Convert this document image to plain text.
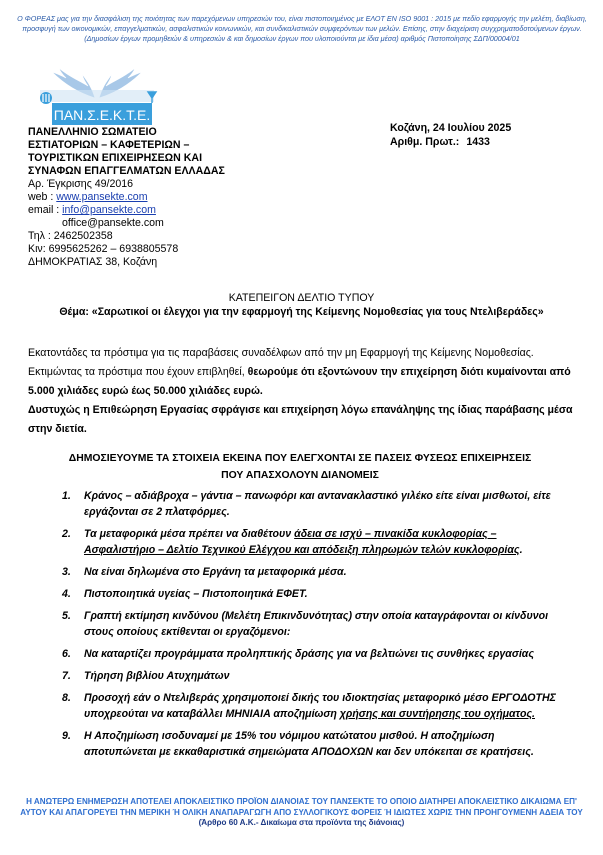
Ο ΦΟΡΕΑΣ μας για την διασφάλιση της ποιότητας των παρεχόμενων υπηρεσιών του, είναι πιστοποιημένος με ΕΛΟΤ ΕΝ ISO 9001 : 2015 με πεδίο εφαρμογής την μελέτη, διαβίωση, προσφυγή των οικονομικών, επαγγελματικών, ασφαλιστικών κοινωνικών, και συνδικαλιστικών συμφερόντων των μελών. Επίσης, στην διαχείριση συγχρηματοδοτούμενων έργων. (Δημοσίων έργων προμηθειών & υπηρεσιών & και δημοσίων έργων που υλοποιούνται με ίδια μέσα) αριθμός Πιστοποίησης ΣΔΠ/00004/01
ΠΑΝ.Σ.Ε.Κ.Τ.Ε.
ΠΑΝΕΛΛΗΝΙΟ ΣΩΜΑΤΕΙΟ
ΕΣΤΙΑΤΟΡΙΩΝ – ΚΑΦΕΤΕΡΙΩΝ –
ΤΟΥΡΙΣΤΙΚΩΝ ΕΠΙΧΕΙΡΗΣΕΩΝ ΚΑΙ
ΣΥΝΑΦΩΝ ΕΠΑΓΓΕΛΜΑΤΩΝ ΕΛΛΑΔΑΣ
Αρ. Έγκρισης 49/2016
web : www.pansekte.com
email : info@pansekte.com
office@pansekte.com
Τηλ : 2462502358
Κιν: 6995625262 – 6938805578
ΔΗΜΟΚΡΑΤΙΑΣ 38, Κοζάνη
Κοζάνη, 24 Ιουλίου 2025
Αριθμ. Πρωτ.: 1433
ΚΑΤΕΠΕΙΓΟΝ ΔΕΛΤΙΟ ΤΥΠΟΥ
Θέμα: «Σαρωτικοί οι έλεγχοι για την εφαρμογή της Κείμενης Νομοθεσίας για τους Ντελιβεράδες»
Εκατοντάδες τα πρόστιμα για τις παραβάσεις συναδέλφων από την μη Εφαρμογή της Κείμενης Νομοθεσίας.
Εκτιμώντας τα πρόστιμα που έχουν επιβληθεί, θεωρούμε ότι εξοντώνουν την επιχείρηση διότι κυμαίνονται από 5.000 χιλιάδες ευρώ έως 50.000 χιλιάδες ευρώ.
Δυστυχώς η Επιθεώρηση Εργασίας σφράγισε και επιχείρηση λόγω επανάληψης της ίδιας παράβασης μέσα στην διετία.
ΔΗΜΟΣΙΕΥΟΥΜΕ ΤΑ ΣΤΟΙΧΕΙΑ ΕΚΕΙΝΑ ΠΟΥ ΕΛΕΓΧΟΝΤΑΙ ΣΕ ΠΑΣΕΙΣ ΦΥΣΕΩΣ ΕΠΙΧΕΙΡΗΣΕΙΣ
ΠΟΥ ΑΠΑΣΧΟΛΟΥΝ ΔΙΑΝΟΜΕΙΣ
1. Κράνος – αδιάβροχα – γάντια – πανωφόρι και αντανακλαστικό γιλέκο είτε είναι μισθωτοί, είτε εργάζονται σε 2 πλατφόρμες.
2. Τα μεταφορικά μέσα πρέπει να διαθέτουν άδεια σε ισχύ – πινακίδα κυκλοφορίας – Ασφαλιστήριο – Δελτίο Τεχνικού Ελέγχου και απόδειξη πληρωμών τελών κυκλοφορίας.
3. Να είναι δηλωμένα στο Εργάνη τα μεταφορικά μέσα.
4. Πιστοποιητικά υγείας – Πιστοποιητικά ΕΦΕΤ.
5. Γραπτή εκτίμηση κινδύνου (Μελέτη Επικινδυνότητας) στην οποία καταγράφονται οι κίνδυνοι στους οποίους εκτίθενται οι εργαζόμενοι:
6. Να καταρτίζει προγράμματα προληπτικής δράσης για να βελτιώνει τις συνθήκες εργασίας
7. Τήρηση βιβλίου Ατυχημάτων
8. Προσοχή εάν ο Ντελιβεράς χρησιμοποιεί δικής του ιδιοκτησίας μεταφορικό μέσο ΕΡΓΟΔΟΤΗΣ υποχρεούται να καταβάλλει ΜΗΝΙΑΙΑ αποζημίωση χρήσης και συντήρησης του οχήματος.
9. Η Αποζημίωση ισοδυναμεί με 15% του νόμιμου κατώτατου μισθού. Η αποζημίωση αποτυπώνεται με εκκαθαριστικά σημειώματα ΑΠΟΔΟΧΩΝ και δεν υπόκειται σε κρατήσεις.
Η ΑΝΩΤΕΡΩ ΕΝΗΜΕΡΩΣΗ ΑΠΟΤΕΛΕΙ ΑΠΟΚΛΕΙΣΤΙΚΟ ΠΡΟΪΟΝ ΔΙΑΝΟΙΑΣ ΤΟΥ ΠΑΝΣΕΚΤΕ ΤΟ ΟΠΟΙΟ ΔΙΑΤΗΡΕΙ ΑΠΟΚΛΕΙΣΤΙΚΟ ΔΙΚΑΙΩΜΑ ΕΠ' ΑΥΤΟΥ ΚΑΙ ΑΠΑΓΟΡΕΥΕΙ ΤΗΝ ΜΕΡΙΚΗ Ή ΟΛΙΚΗ ΑΝΑΠΑΡΑΓΩΓΗ ΑΠΟ ΣΥΛΛΟΓΙΚΟΥΣ ΦΟΡΕΙΣ Ή ΙΔΙΩΤΕΣ ΧΩΡΙΣ ΤΗΝ ΠΡΟΗΓΟΥΜΕΝΗ ΑΔΕΙΑ ΤΟΥ (Άρθρο 60 Α.Κ.- Δικαίωμα στα προϊόντα της διάνοιας)
